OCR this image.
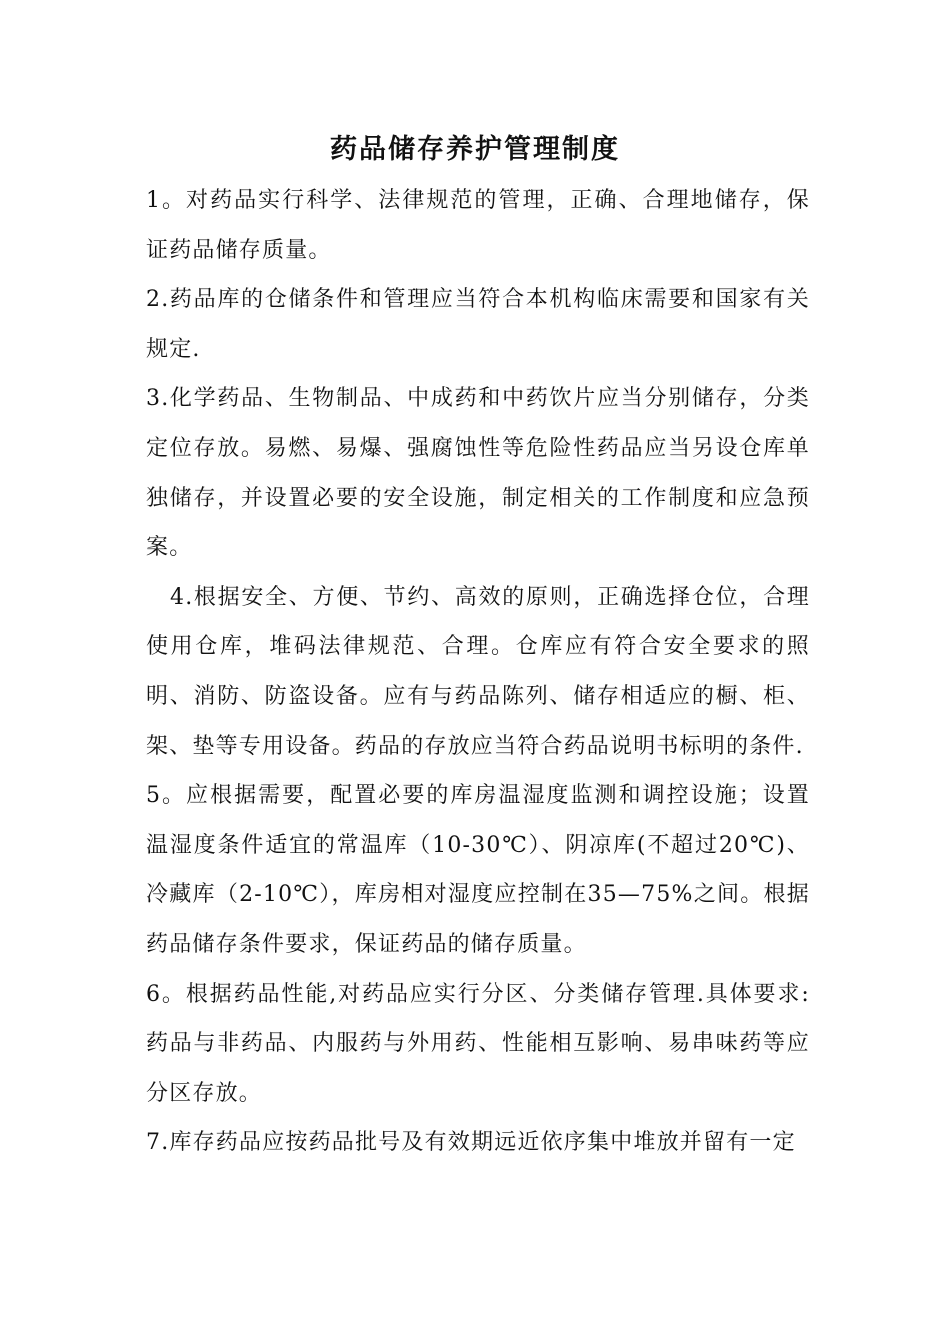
药品储存养护管理制度

1。对药品实行科学、法律规范的管理，正确、合理地储存，保证药品储存质量。

2.药品库的仓储条件和管理应当符合本机构临床需要和国家有关规定.

3.化学药品、生物制品、中成药和中药饮片应当分别储存，分类定位存放。易燃、易爆、强腐蚀性等危险性药品应当另设仓库单独储存，并设置必要的安全设施，制定相关的工作制度和应急预案。

4.根据安全、方便、节约、高效的原则，正确选择仓位，合理使用仓库，堆码法律规范、合理。仓库应有符合安全要求的照明、消防、防盗设备。应有与药品陈列、储存相适应的橱、柜、架、垫等专用设备。药品的存放应当符合药品说明书标明的条件.

5。应根据需要，配置必要的库房温湿度监测和调控设施；设置温湿度条件适宜的常温库（10-30℃）、阴凉库(不超过20℃)、冷藏库（2-10℃），库房相对湿度应控制在35—75%之间。根据药品储存条件要求，保证药品的储存质量。

6。根据药品性能,对药品应实行分区、分类储存管理.具体要求:药品与非药品、内服药与外用药、性能相互影响、易串味药等应分区存放。

7.库存药品应按药品批号及有效期远近依序集中堆放并留有一定
